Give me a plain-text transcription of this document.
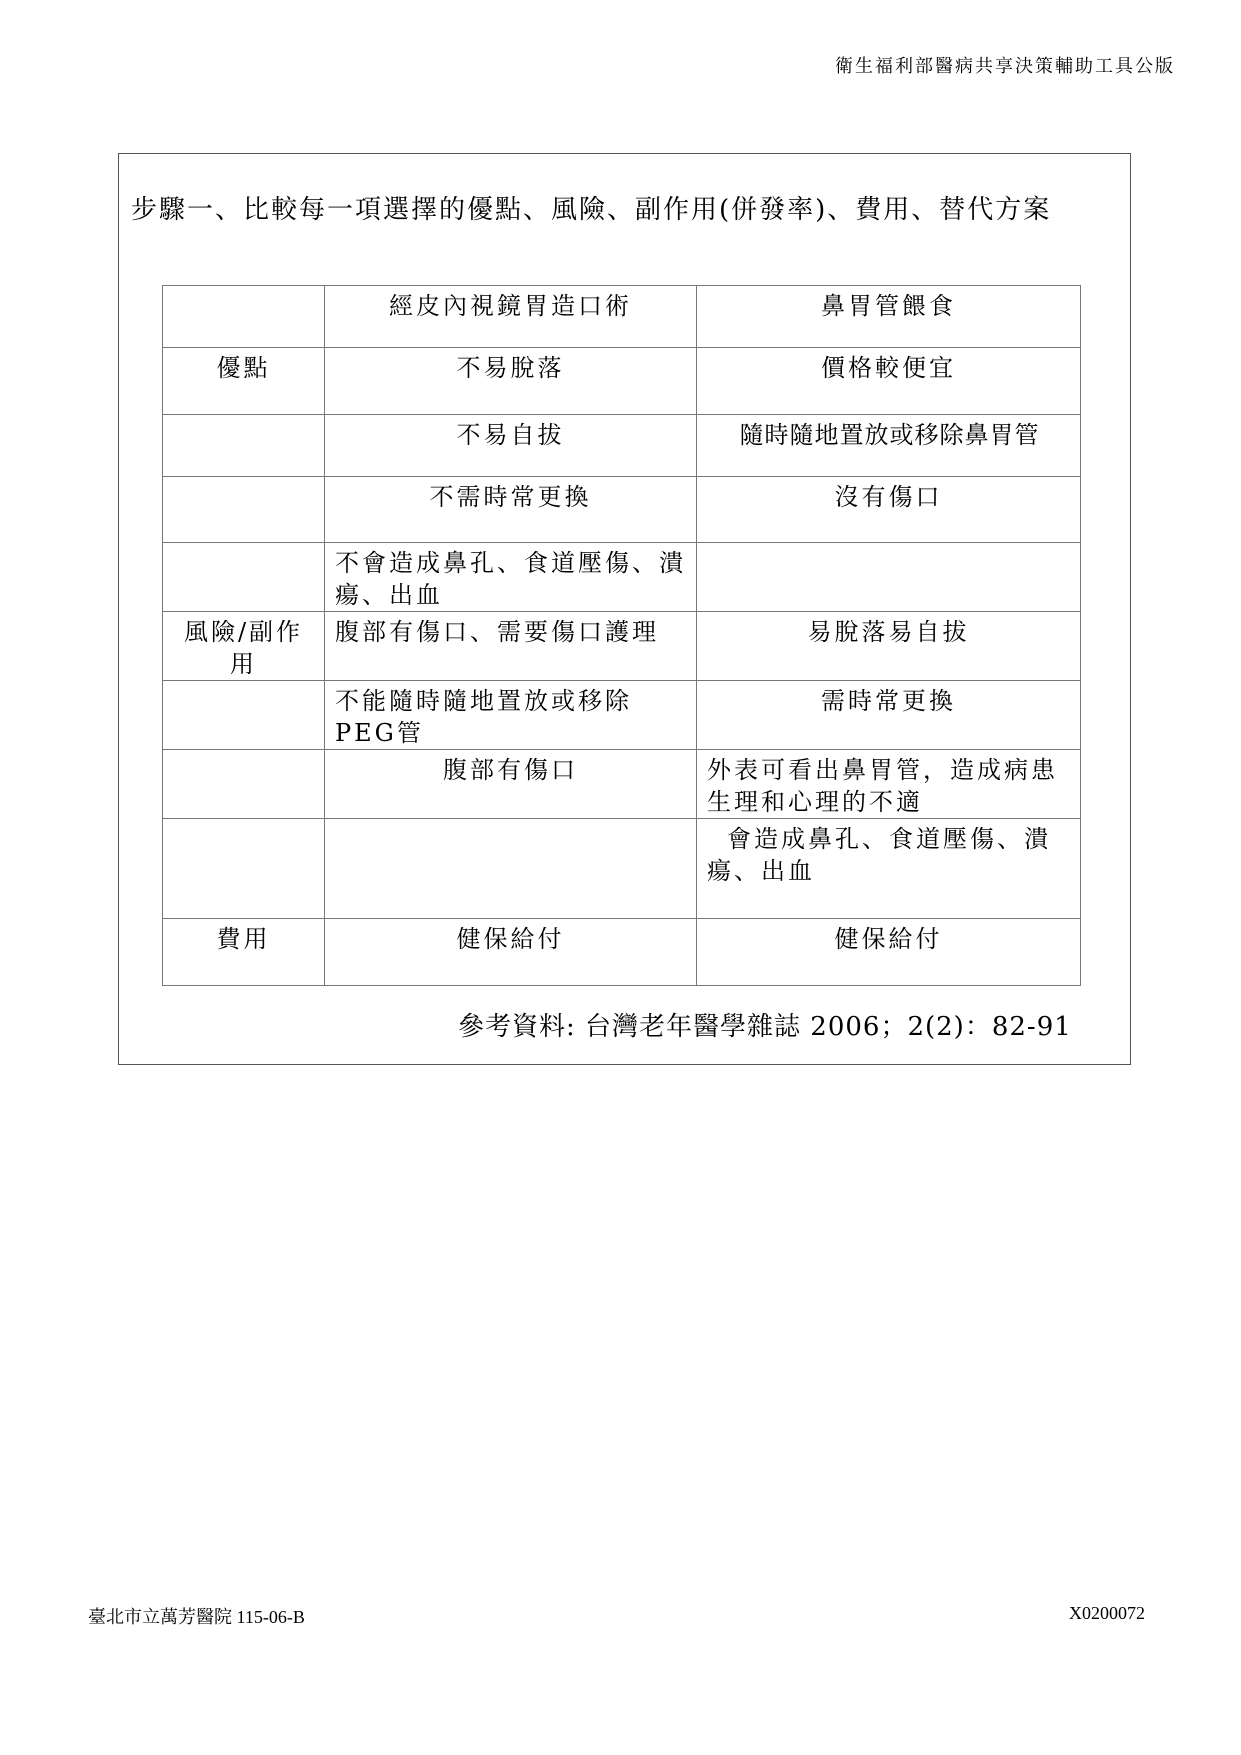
衛生福利部醫病共享決策輔助工具公版
步驟一、比較每一項選擇的優點、風險、副作用(併發率)、費用、替代方案
	經皮內視鏡胃造口術	鼻胃管餵食
優點	不易脫落	價格較便宜
	不易自拔	隨時隨地置放或移除鼻胃管
	不需時常更換	沒有傷口
	不會造成鼻孔、食道壓傷、潰瘍、出血	
風險/副作用	腹部有傷口、需要傷口護理	易脫落易自拔
	不能隨時隨地置放或移除PEG管	需時常更換
	腹部有傷口	外表可看出鼻胃管，造成病患生理和心理的不適
		會造成鼻孔、食道壓傷、潰瘍、出血
費用	健保給付	健保給付
參考資料: 台灣老年醫學雜誌 2006；2(2)：82-91
臺北市立萬芳醫院 115-06-B	X0200072
